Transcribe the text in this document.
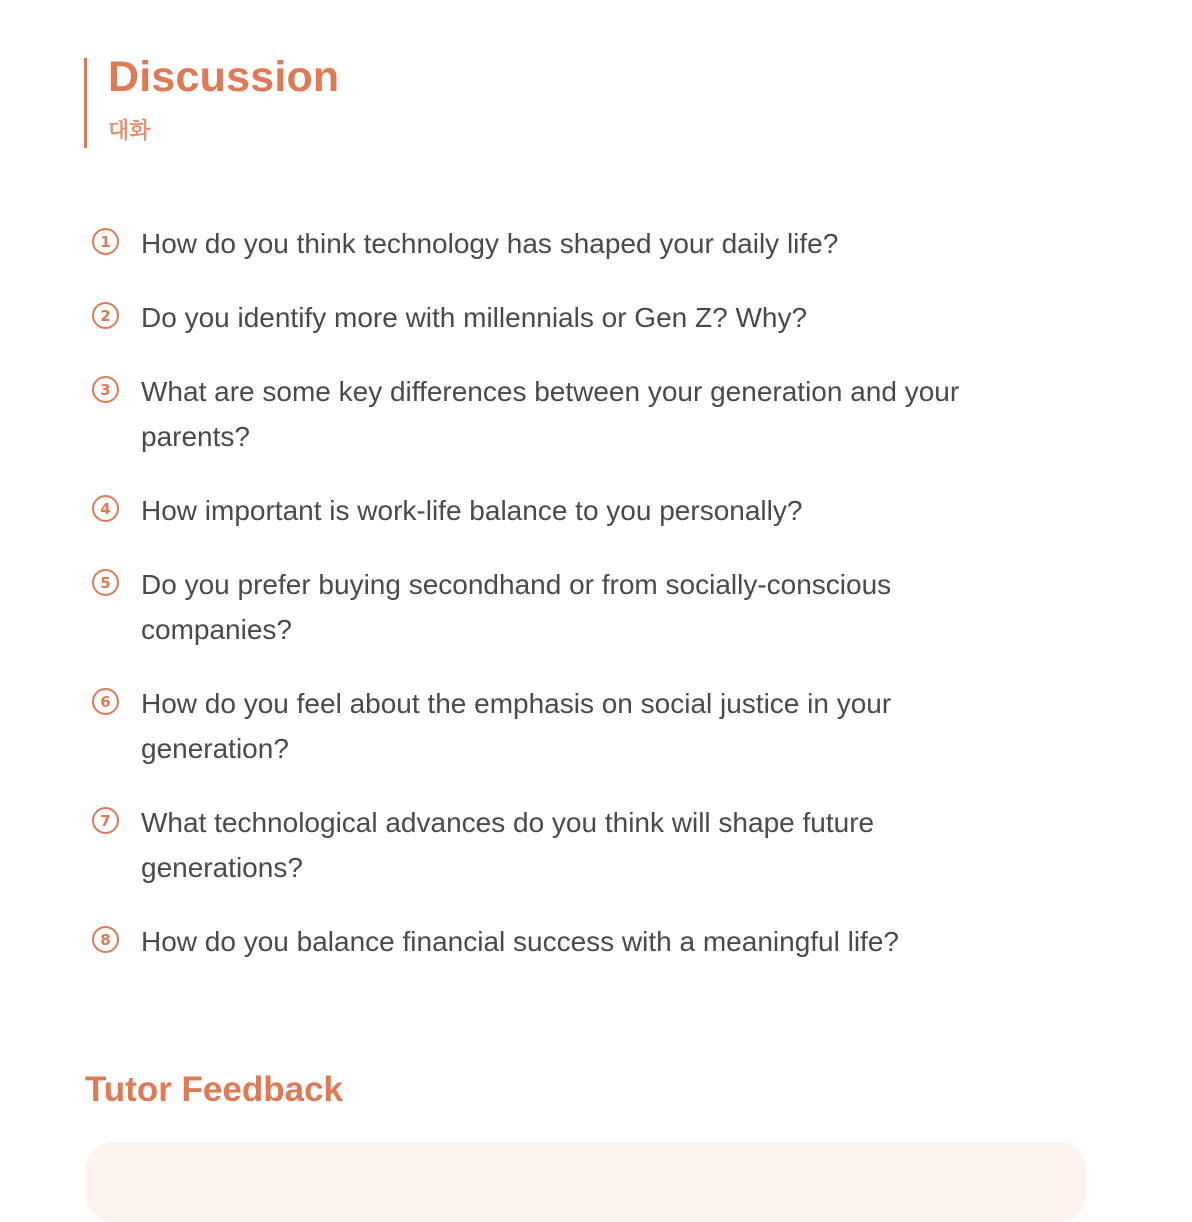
Discussion
대화
1 How do you think technology has shaped your daily life?
2 Do you identify more with millennials or Gen Z? Why?
3 What are some key differences between your generation and your parents?
4 How important is work-life balance to you personally?
5 Do you prefer buying secondhand or from socially-conscious companies?
6 How do you feel about the emphasis on social justice in your generation?
7 What technological advances do you think will shape future generations?
8 How do you balance financial success with a meaningful life?
Tutor Feedback
